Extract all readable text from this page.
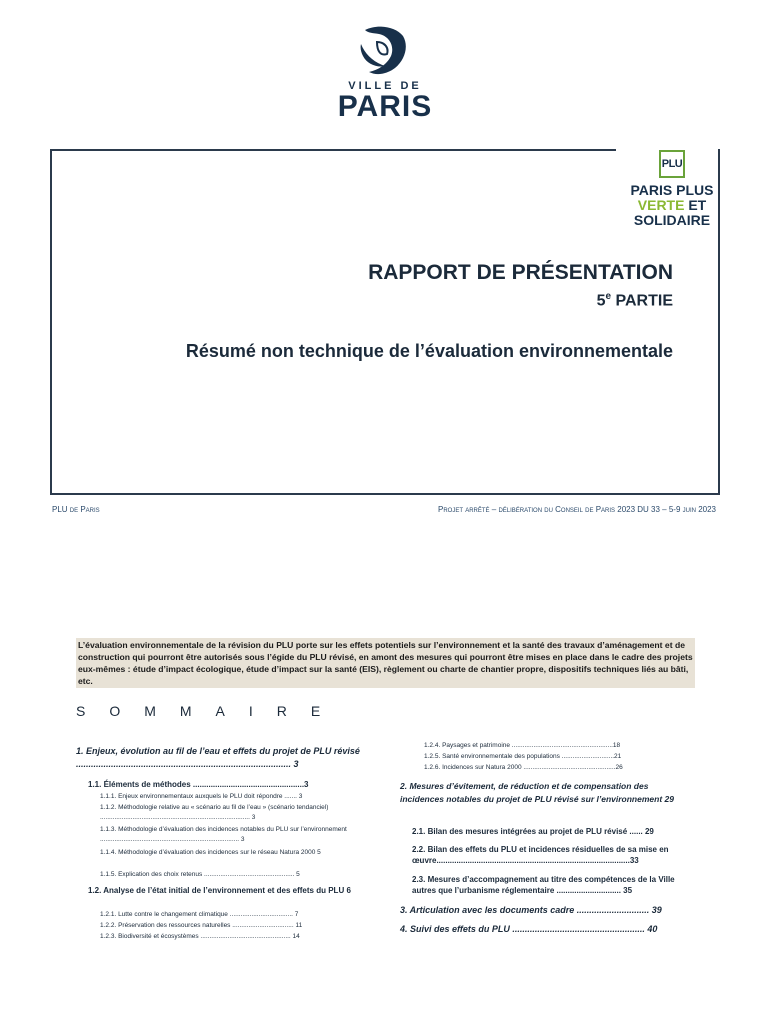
VILLE DE
PARIS
PLU
PARIS PLUS
VERTE ET
SOLIDAIRE
RAPPORT DE PRÉSENTATION
5e PARTIE
Résumé non technique de l’évaluation environnementale
PLU de Paris	Projet arrêté – délibération du Conseil de Paris 2023 DU 33 – 5-9 juin 2023
L’évaluation environnementale de la révision du PLU porte sur les effets potentiels sur l’environnement et la santé des travaux d’aménagement et de construction qui pourront être autorisés sous l’égide du PLU révisé, en amont des mesures qui pourront être mises en place dans le cadre des projets eux-mêmes : étude d’impact écologique, étude d’impact sur la santé (EIS), règlement ou charte de chantier propre, dispositifs techniques liés au bâti, etc.
SOMMAIRE
1. Enjeux, évolution au fil de l’eau et effets du projet de PLU révisé ...................................................................................... 3
1.1. Éléments de méthodes ..................................................3
1.1.1. Enjeux environnementaux auxquels le PLU doit répondre ....... 3
1.1.2. Méthodologie relative au « scénario au fil de l’eau » (scénario tendanciel) ................................................................................... 3
1.1.3. Méthodologie d’évaluation des incidences notables du PLU sur l’environnement ............................................................................. 3
1.1.4. Méthodologie d’évaluation des incidences sur le réseau Natura 2000 5
1.1.5. Explication des choix retenus .................................................. 5
1.2. Analyse de l’état initial de l’environnement et des effets du PLU 6
1.2.1. Lutte contre le changement climatique ................................... 7
1.2.2. Préservation des ressources naturelles .................................. 11
1.2.3. Biodiversité et écosystèmes .................................................. 14
1.2.4. Paysages et patrimoine ........................................................18
1.2.5. Santé environnementale des populations .............................21
1.2.6. Incidences sur Natura 2000 ...................................................26
2. Mesures d’évitement, de réduction et de compensation des incidences notables du projet de PLU révisé sur l’environnement 29
2.1. Bilan des mesures intégrées au projet de PLU révisé ...... 29
2.2. Bilan des effets du PLU et incidences résiduelles de sa mise en œuvre.......................................................................................33
2.3. Mesures d’accompagnement au titre des compétences de la Ville autres que l’urbanisme réglementaire ............................. 35
3. Articulation avec les documents cadre ............................. 39
4. Suivi des effets du PLU ..................................................... 40
